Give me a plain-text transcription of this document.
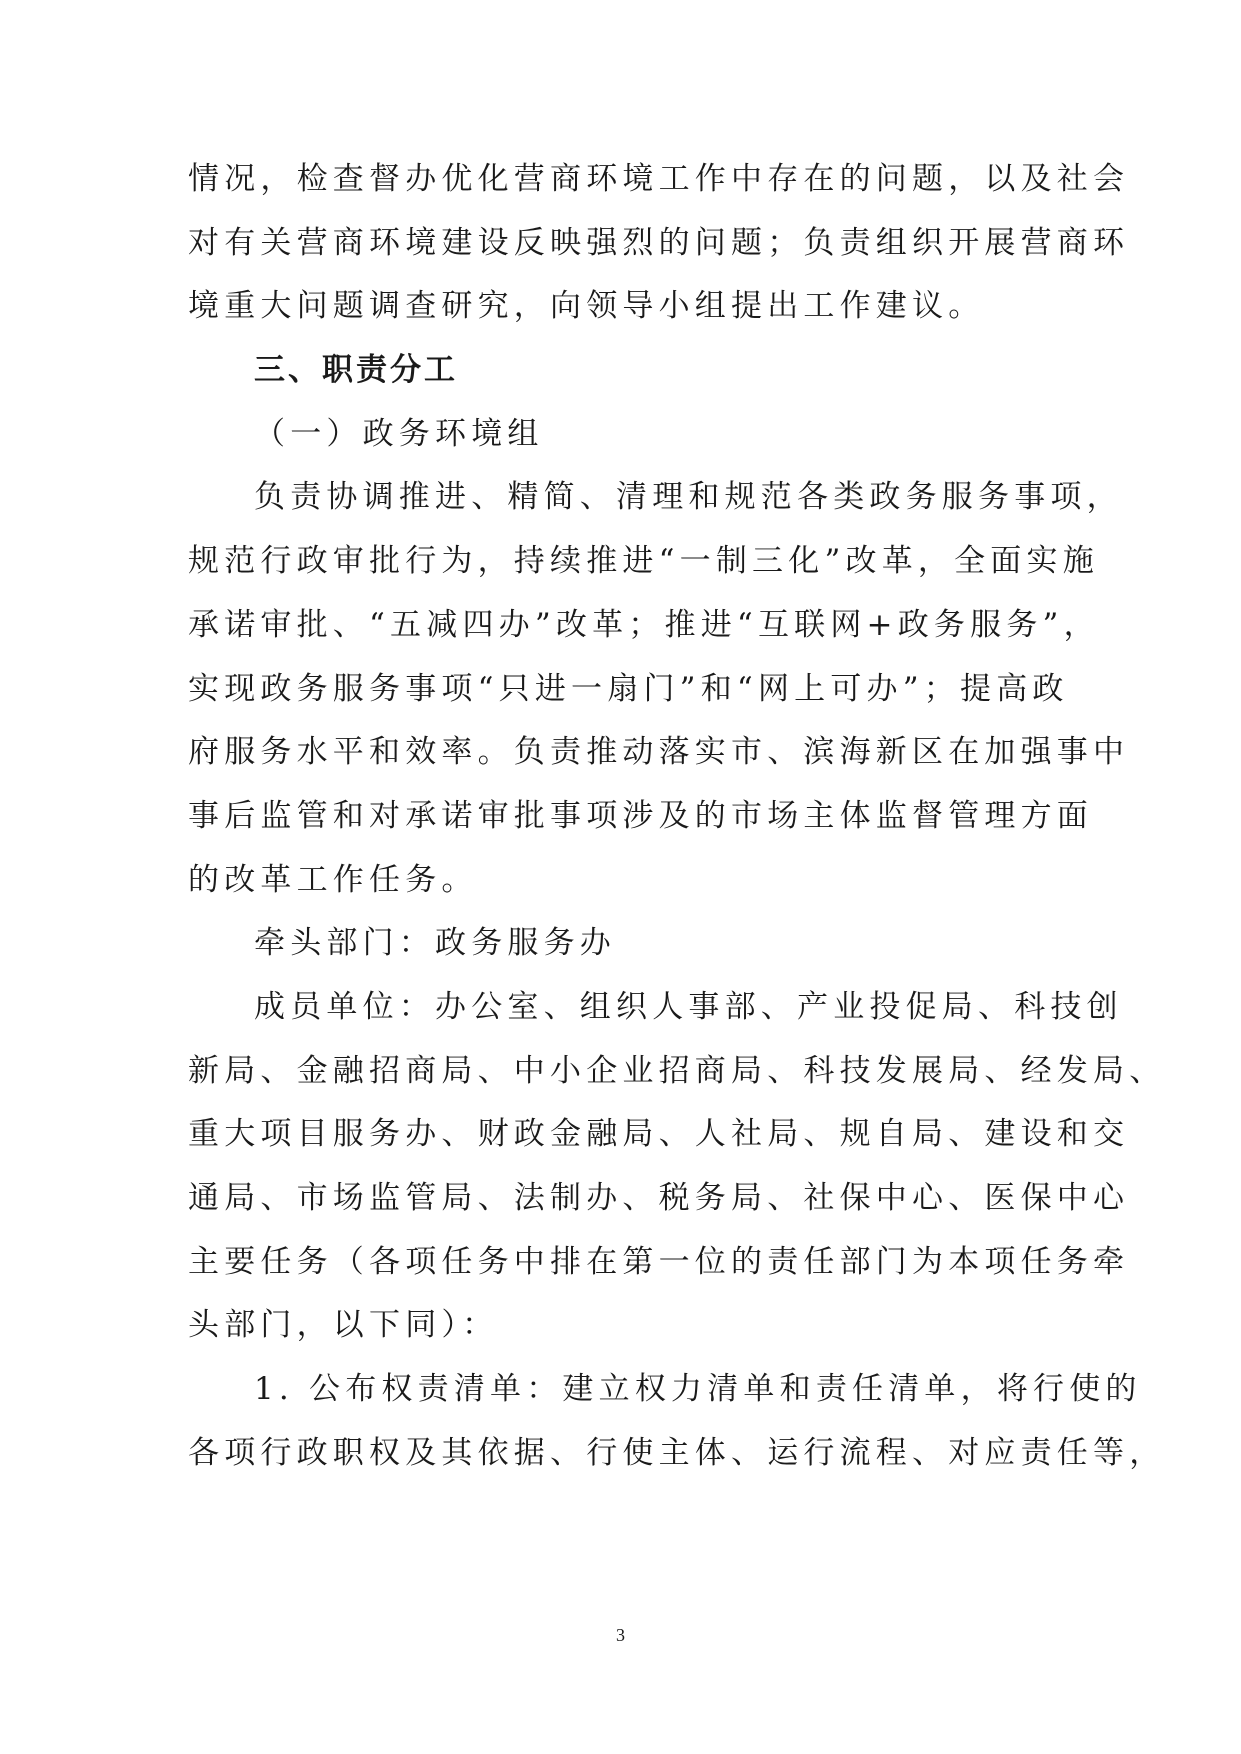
情况，检查督办优化营商环境工作中存在的问题，以及社会
对有关营商环境建设反映强烈的问题；负责组织开展营商环
境重大问题调查研究，向领导小组提出工作建议。
三、职责分工
（一）政务环境组
负责协调推进、精简、清理和规范各类政务服务事项，
规范行政审批行为，持续推进“一制三化”改革，全面实施
承诺审批、“五减四办”改革；推进“互联网+政务服务”，
实现政务服务事项“只进一扇门”和“网上可办”；提高政
府服务水平和效率。负责推动落实市、滨海新区在加强事中
事后监管和对承诺审批事项涉及的市场主体监督管理方面
的改革工作任务。
牵头部门：政务服务办
成员单位：办公室、组织人事部、产业投促局、科技创
新局、金融招商局、中小企业招商局、科技发展局、经发局、
重大项目服务办、财政金融局、人社局、规自局、建设和交
通局、市场监管局、法制办、税务局、社保中心、医保中心
主要任务（各项任务中排在第一位的责任部门为本项任务牵
头部门，以下同）：
1. 公布权责清单：建立权力清单和责任清单，将行使的
各项行政职权及其依据、行使主体、运行流程、对应责任等，
3
